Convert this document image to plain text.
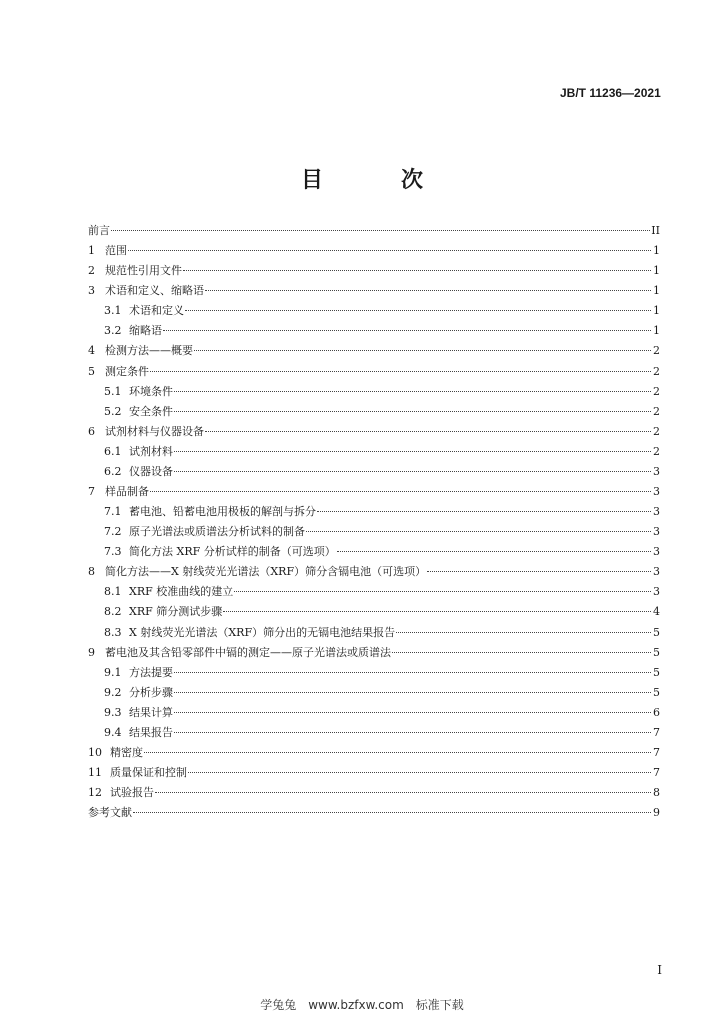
JB/T 11236—2021
目　次
前言	II
1 范围	1
2 规范性引用文件	1
3 术语和定义、缩略语	1
3.1 术语和定义	1
3.2 缩略语	1
4 检测方法——概要	2
5 测定条件	2
5.1 环境条件	2
5.2 安全条件	2
6 试剂材料与仪器设备	2
6.1 试剂材料	2
6.2 仪器设备	3
7 样品制备	3
7.1 蓄电池、铅蓄电池用极板的解剖与拆分	3
7.2 原子光谱法或质谱法分析试料的制备	3
7.3 简化方法 XRF 分析试样的制备（可选项）	3
8 简化方法——X 射线荧光光谱法（XRF）筛分含镉电池（可选项）	3
8.1 XRF 校准曲线的建立	3
8.2 XRF 筛分测试步骤	4
8.3 X 射线荧光光谱法（XRF）筛分出的无镉电池结果报告	5
9 蓄电池及其含铅零部件中镉的测定——原子光谱法或质谱法	5
9.1 方法提要	5
9.2 分析步骤	5
9.3 结果计算	6
9.4 结果报告	7
10 精密度	7
11 质量保证和控制	7
12 试验报告	8
参考文献	9
I
学兔兔　www.bzfxw.com　标准下载
